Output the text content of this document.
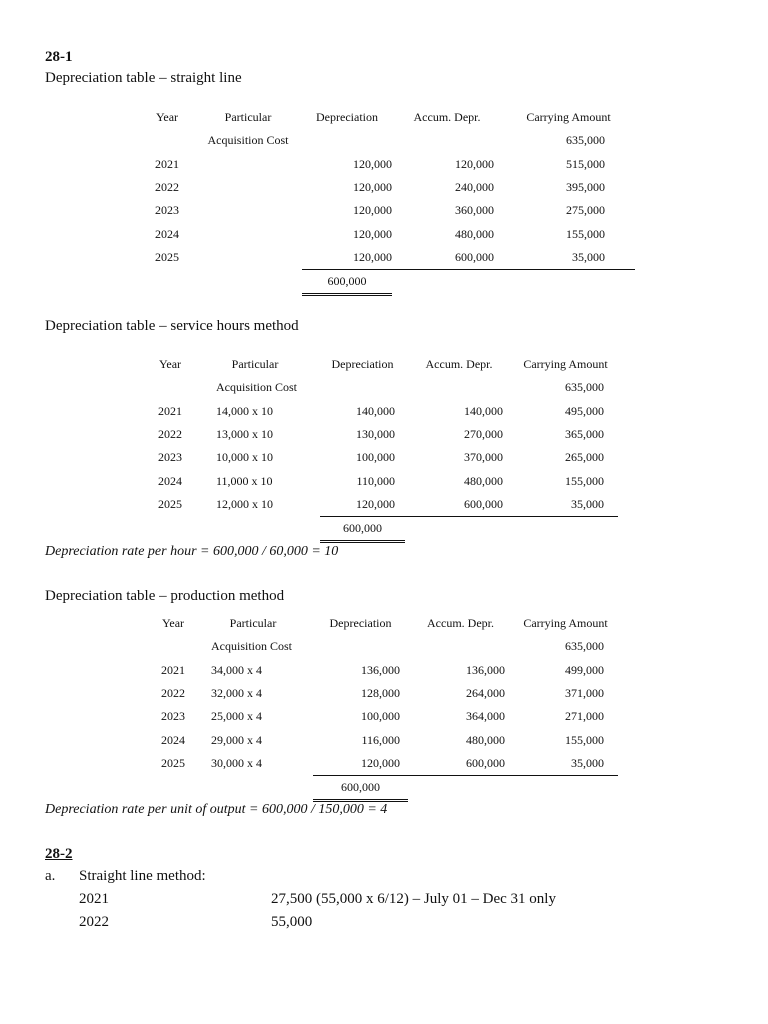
28-1
Depreciation table – straight line
Year	Particular	Depreciation	Accum. Depr.	Carrying Amount
	Acquisition Cost			635,000
2021		120,000	120,000	515,000
2022		120,000	240,000	395,000
2023		120,000	360,000	275,000
2024		120,000	480,000	155,000
2025		120,000	600,000	35,000
		600,000		
Depreciation table – service hours method
Year	Particular	Depreciation	Accum. Depr.	Carrying Amount
	Acquisition Cost			635,000
2021	14,000 x 10	140,000	140,000	495,000
2022	13,000 x 10	130,000	270,000	365,000
2023	10,000 x 10	100,000	370,000	265,000
2024	11,000 x 10	110,000	480,000	155,000
2025	12,000 x 10	120,000	600,000	35,000
		600,000		
Depreciation rate per hour = 600,000 / 60,000 = 10
Depreciation table – production method
Year	Particular	Depreciation	Accum. Depr.	Carrying Amount
	Acquisition Cost			635,000
2021	34,000 x 4	136,000	136,000	499,000
2022	32,000 x 4	128,000	264,000	371,000
2023	25,000 x 4	100,000	364,000	271,000
2024	29,000 x 4	116,000	480,000	155,000
2025	30,000 x 4	120,000	600,000	35,000
		600,000		
Depreciation rate per unit of output = 600,000 / 150,000 = 4
28-2
a. Straight line method:
2021	27,500 (55,000 x 6/12) – July 01 – Dec 31 only
2022	55,000
